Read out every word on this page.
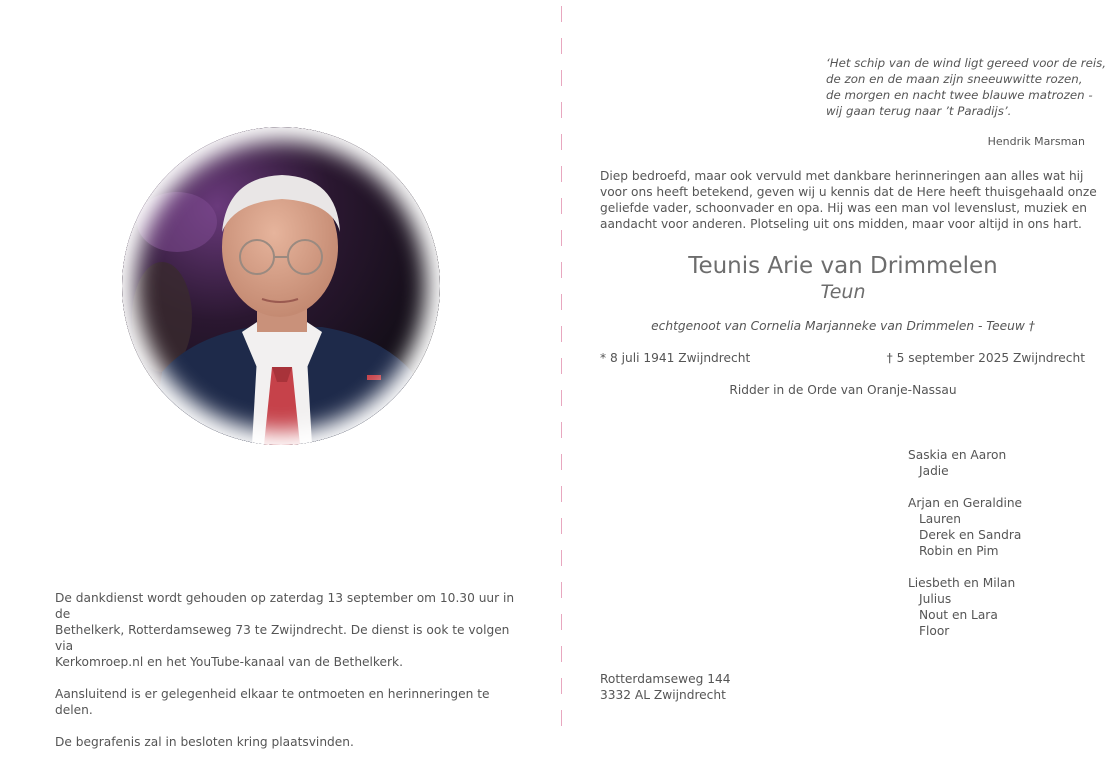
De dankdienst wordt gehouden op zaterdag 13 september om 10.30 uur in de
Bethelkerk, Rotterdamseweg 73 te Zwijndrecht. De dienst is ook te volgen via
Kerkomroep.nl en het YouTube-kanaal van de Bethelkerk.

Aansluitend is er gelegenheid elkaar te ontmoeten en herinneringen te delen.

De begrafenis zal in besloten kring plaatsvinden.

‘Het schip van de wind ligt gereed voor de reis,
de zon en de maan zijn sneeuwwitte rozen,
de morgen en nacht twee blauwe matrozen -
wij gaan terug naar ’t Paradijs’.
Hendrik Marsman
Diep bedroefd, maar ook vervuld met dankbare herinneringen aan alles wat hij
voor ons heeft betekend, geven wij u kennis dat de Here heeft thuisgehaald onze
geliefde vader, schoonvader en opa. Hij was een man vol levenslust, muziek en
aandacht voor anderen. Plotseling uit ons midden, maar voor altijd in ons hart.
Teunis Arie van Drimmelen
Teun
echtgenoot van Cornelia Marjanneke van Drimmelen - Teeuw †
* 8 juli 1941 Zwijndrecht	† 5 september 2025 Zwijndrecht
Ridder in de Orde van Oranje-Nassau
Saskia en Aaron
Jadie
Arjan en Geraldine
Lauren
Derek en Sandra
Robin en Pim
Liesbeth en Milan
Julius
Nout en Lara
Floor
Rotterdamseweg 144
3332 AL Zwijndrecht
